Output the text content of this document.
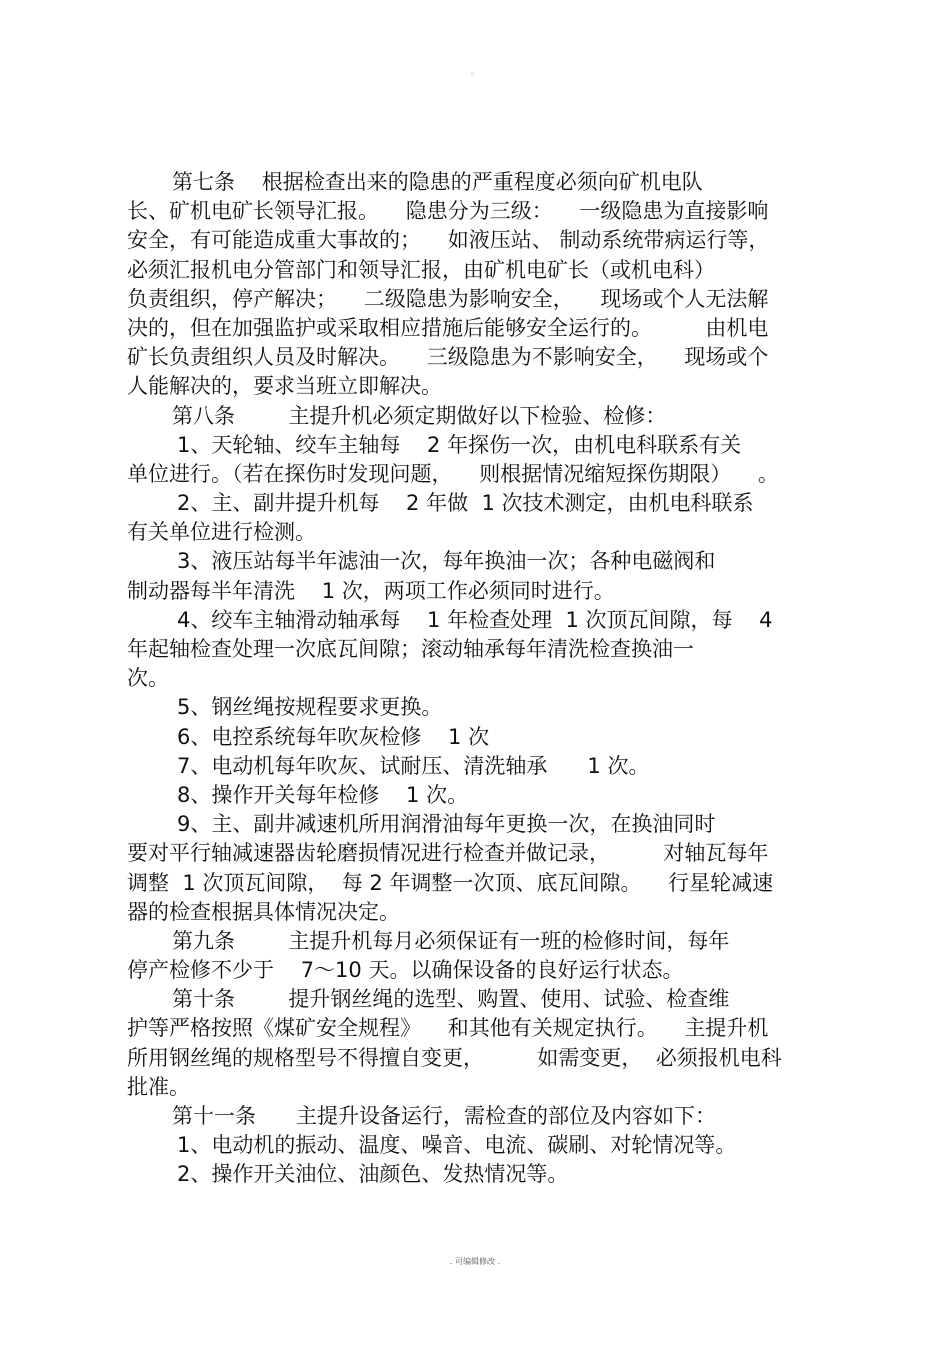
。
第七条    根据检查出来的隐患的严重程度必须向矿机电队
长、矿机电矿长领导汇报。    隐患分为三级：    一级隐患为直接影响
安全，有可能造成重大事故的；    如液压站、 制动系统带病运行等，
必须汇报机电分管部门和领导汇报，由矿机电矿长（或机电科）
负责组织，停产解决；    二级隐患为影响安全，    现场或个人无法解
决的，但在加强监护或采取相应措施后能够安全运行的。        由机电
矿长负责组织人员及时解决。    三级隐患为不影响安全，    现场或个
人能解决的，要求当班立即解决。
第八条        主提升机必须定期做好以下检验、检修：
1、天轮轴、绞车主轴每    2 年探伤一次，由机电科联系有关
单位进行。（若在探伤时发现问题，    则根据情况缩短探伤期限）    。
2、主、副井提升机每    2 年做  1 次技术测定，由机电科联系
有关单位进行检测。
3、液压站每半年滤油一次，每年换油一次；各种电磁阀和
制动器每半年清洗    1 次，两项工作必须同时进行。
4、绞车主轴滑动轴承每    1 年检查处理  1 次顶瓦间隙，每    4
年起轴检查处理一次底瓦间隙；滚动轴承每年清洗检查换油一
次。
5、钢丝绳按规程要求更换。
6、电控系统每年吹灰检修    1 次
7、电动机每年吹灰、试耐压、清洗轴承      1 次。
8、操作开关每年检修    1 次。
9、主、副井减速机所用润滑油每年更换一次，在换油同时
要对平行轴减速器齿轮磨损情况进行检查并做记录，        对轴瓦每年
调整  1 次顶瓦间隙，  每 2 年调整一次顶、底瓦间隙。    行星轮减速
器的检查根据具体情况决定。
第九条        主提升机每月必须保证有一班的检修时间，每年
停产检修不少于    7～10 天。以确保设备的良好运行状态。
第十条        提升钢丝绳的选型、购置、使用、试验、检查维
护等严格按照《煤矿安全规程》    和其他有关规定执行。    主提升机
所用钢丝绳的规格型号不得擅自变更，        如需变更，  必须报机电科
批准。
第十一条      主提升设备运行，需检查的部位及内容如下：
1、电动机的振动、温度、噪音、电流、碳刷、对轮情况等。
2、操作开关油位、油颜色、发热情况等。
. 可编辑修改 .
